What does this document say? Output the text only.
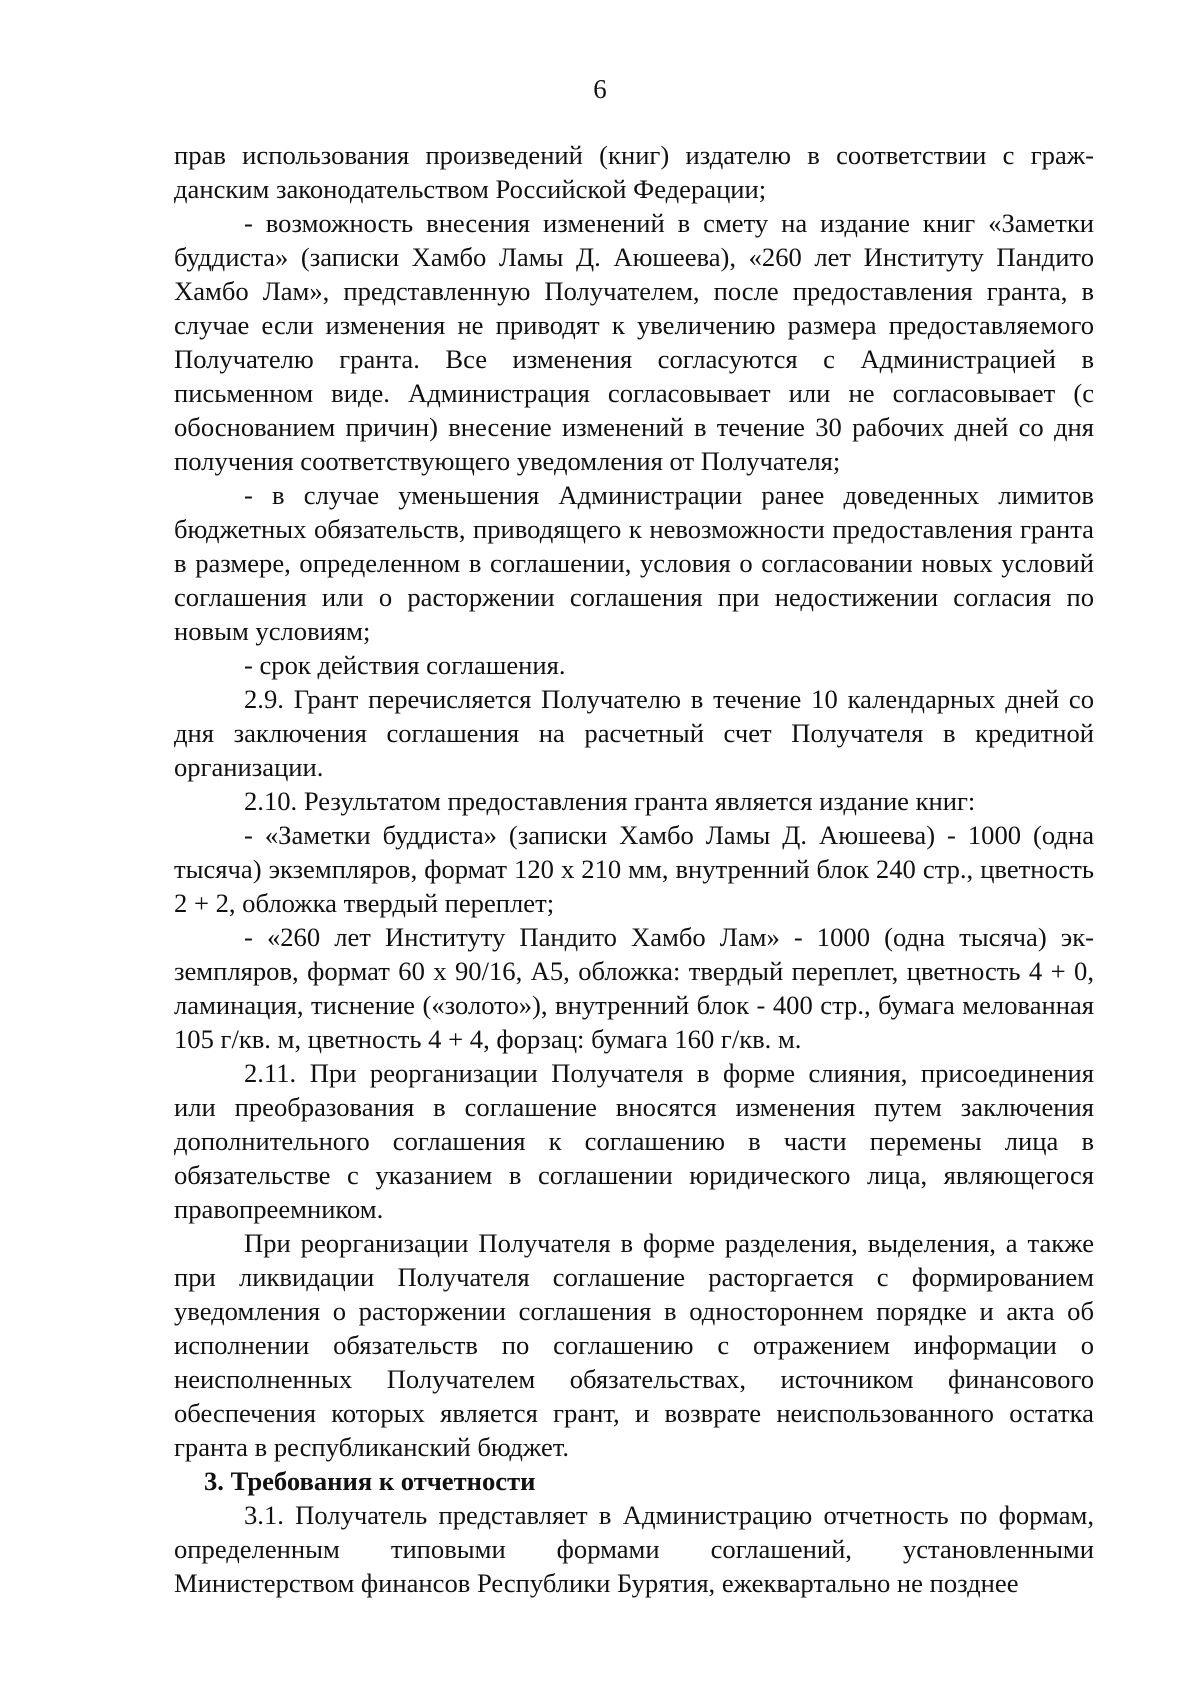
6

прав использования произведений (книг) издателю в соответствии с гражданским законодательством Российской Федерации;

- возможность внесения изменений в смету на издание книг «Заметки буддиста» (записки Хамбо Ламы Д. Аюшеева), «260 лет Институту Пандито Хамбо Лам», представленную Получателем, после предоставления гранта, в случае если изменения не приводят к увеличению размера предоставляемого Получателю гранта. Все изменения согласуются с Администрацией в письменном виде. Администрация согласовывает или не согласовывает (с обоснованием причин) внесение изменений в течение 30 рабочих дней со дня получения соответствующего уведомления от Получателя;

- в случае уменьшения Администрации ранее доведенных лимитов бюджетных обязательств, приводящего к невозможности предоставления гранта в размере, определенном в соглашении, условия о согласовании новых условий соглашения или о расторжении соглашения при недостижении согласия по новым условиям;

- срок действия соглашения.

2.9. Грант перечисляется Получателю в течение 10 календарных дней со дня заключения соглашения на расчетный счет Получателя в кредитной организации.

2.10. Результатом предоставления гранта является издание книг:

- «Заметки буддиста» (записки Хамбо Ламы Д. Аюшеева) - 1000 (одна тысяча) экземпляров, формат 120 х 210 мм, внутренний блок 240 стр., цветность 2 + 2, обложка твердый переплет;

- «260 лет Институту Пандито Хамбо Лам» - 1000 (одна тысяча) экземпляров, формат 60 х 90/16, А5, обложка: твердый переплет, цветность 4 + 0, ламинация, тиснение («золото»), внутренний блок - 400 стр., бумага мелованная 105 г/кв. м, цветность 4 + 4, форзац: бумага 160 г/кв. м.

2.11. При реорганизации Получателя в форме слияния, присоединения или преобразования в соглашение вносятся изменения путем заключения дополнительного соглашения к соглашению в части перемены лица в обязательстве с указанием в соглашении юридического лица, являющегося правопреемником.

При реорганизации Получателя в форме разделения, выделения, а также при ликвидации Получателя соглашение расторгается с формированием уведомления о расторжении соглашения в одностороннем порядке и акта об исполнении обязательств по соглашению с отражением информации о неисполненных Получателем обязательствах, источником финансового обеспечения которых является грант, и возврате неиспользованного остатка гранта в республиканский бюджет.

3. Требования к отчетности

3.1. Получатель представляет в Администрацию отчетность по формам, определенным типовыми формами соглашений, установленными Министерством финансов Республики Бурятия, ежеквартально не позднее
